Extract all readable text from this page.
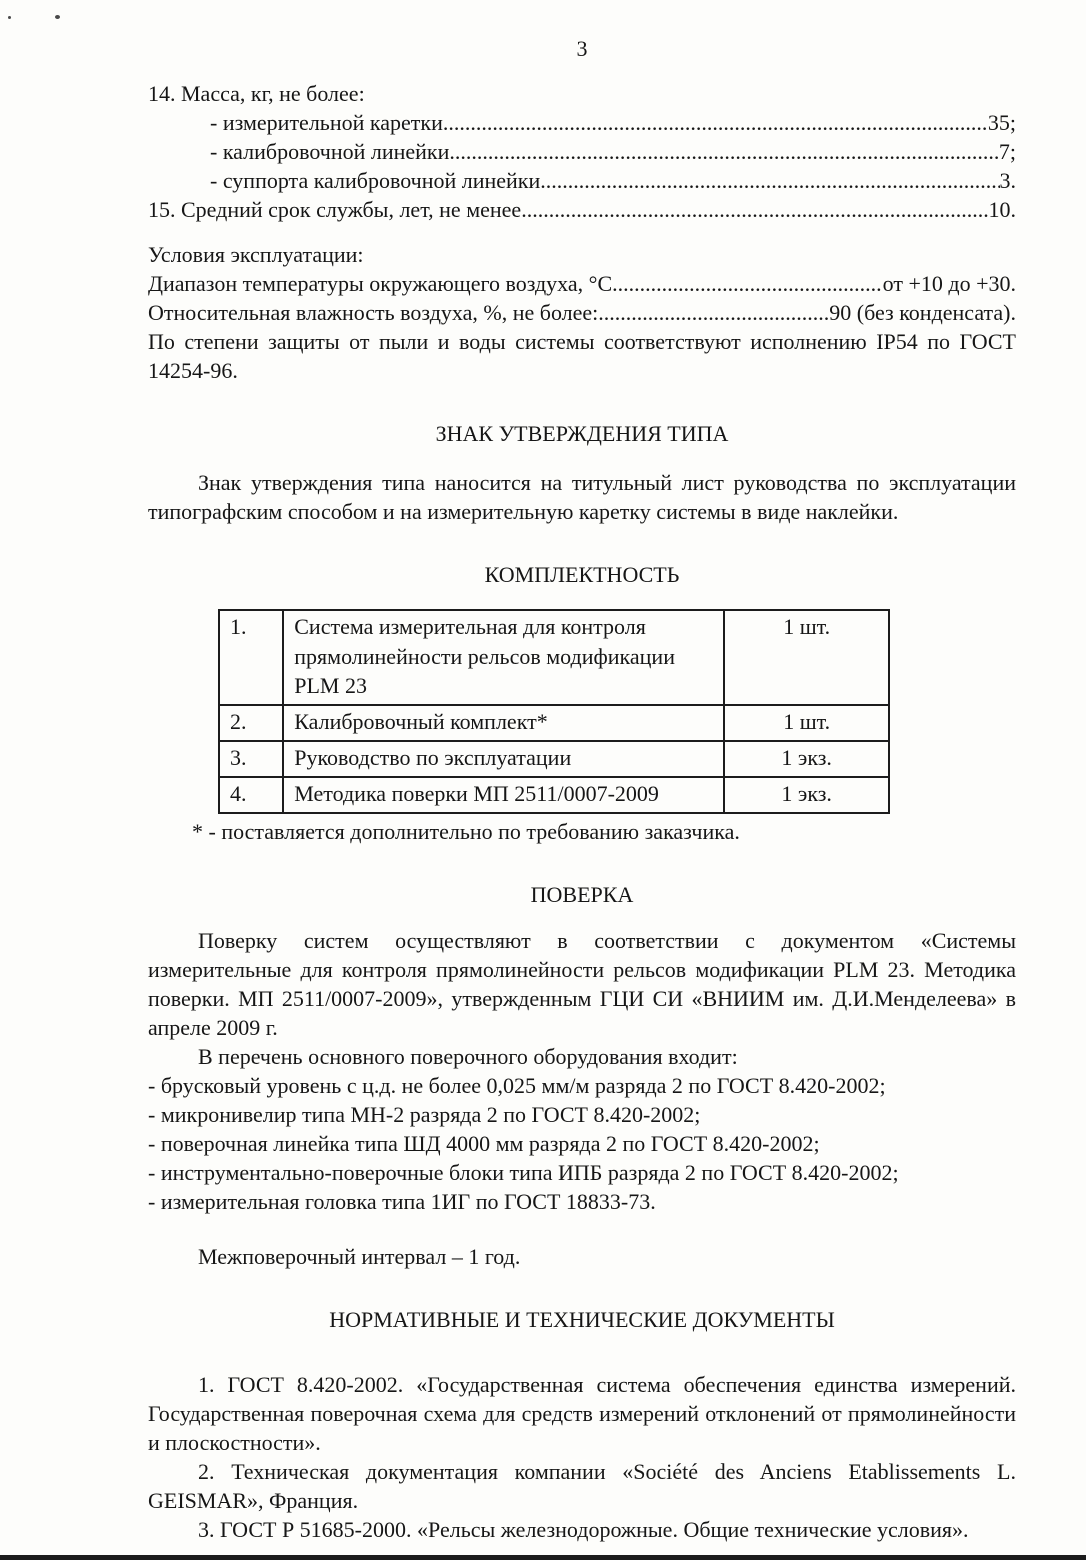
3

14. Масса, кг, не более:

- измерительной каретки .....	35;
- калибровочной линейки .....	7;
- суппорта калибровочной линейки .....	3.
15. Средний срок службы, лет, не менее .....	10.

Условия эксплуатации:

Диапазон температуры окружающего воздуха, °С .....	от +10 до +30.
Относительная влажность воздуха, %, не более: .....	90 (без конденсата).

По степени защиты от пыли и воды системы соответствуют исполнению IP54 по ГОСТ 14254-96.

ЗНАК УТВЕРЖДЕНИЯ ТИПА

Знак утверждения типа наносится на титульный лист руководства по эксплуатации типографским способом и на измерительную каретку системы в виде наклейки.

КОМПЛЕКТНОСТЬ
1.	Система измерительная для контроля прямолинейности рельсов модификации PLM 23	1 шт.
2.	Калибровочный комплект*	1 шт.
3.	Руководство по эксплуатации	1 экз.
4.	Методика поверки МП 2511/0007-2009	1 экз.

* - поставляется дополнительно по требованию заказчика.

ПОВЕРКА

Поверку систем осуществляют в соответствии с документом «Системы измерительные для контроля прямолинейности рельсов модификации PLM 23. Методика поверки. МП 2511/0007-2009», утвержденным ГЦИ СИ «ВНИИМ им. Д.И.Менделеева» в апреле 2009 г.

В перечень основного поверочного оборудования входит:

- брусковый уровень с ц.д. не более 0,025 мм/м разряда 2 по ГОСТ 8.420-2002;

- микронивелир типа МН-2 разряда 2 по ГОСТ 8.420-2002;

- поверочная линейка типа ШД 4000 мм разряда 2 по ГОСТ 8.420-2002;

- инструментально-поверочные блоки типа ИПБ разряда 2 по ГОСТ 8.420-2002;

- измерительная головка типа 1ИГ по ГОСТ 18833-73.

Межповерочный интервал – 1 год.

НОРМАТИВНЫЕ И ТЕХНИЧЕСКИЕ ДОКУМЕНТЫ

1. ГОСТ 8.420-2002. «Государственная система обеспечения единства измерений. Государственная поверочная схема для средств измерений отклонений от прямолинейности и плоскостности».

2. Техническая документация компании «Société des Anciens Etablissements L. GEISMAR», Франция.

3. ГОСТ Р 51685-2000. «Рельсы железнодорожные. Общие технические условия».
